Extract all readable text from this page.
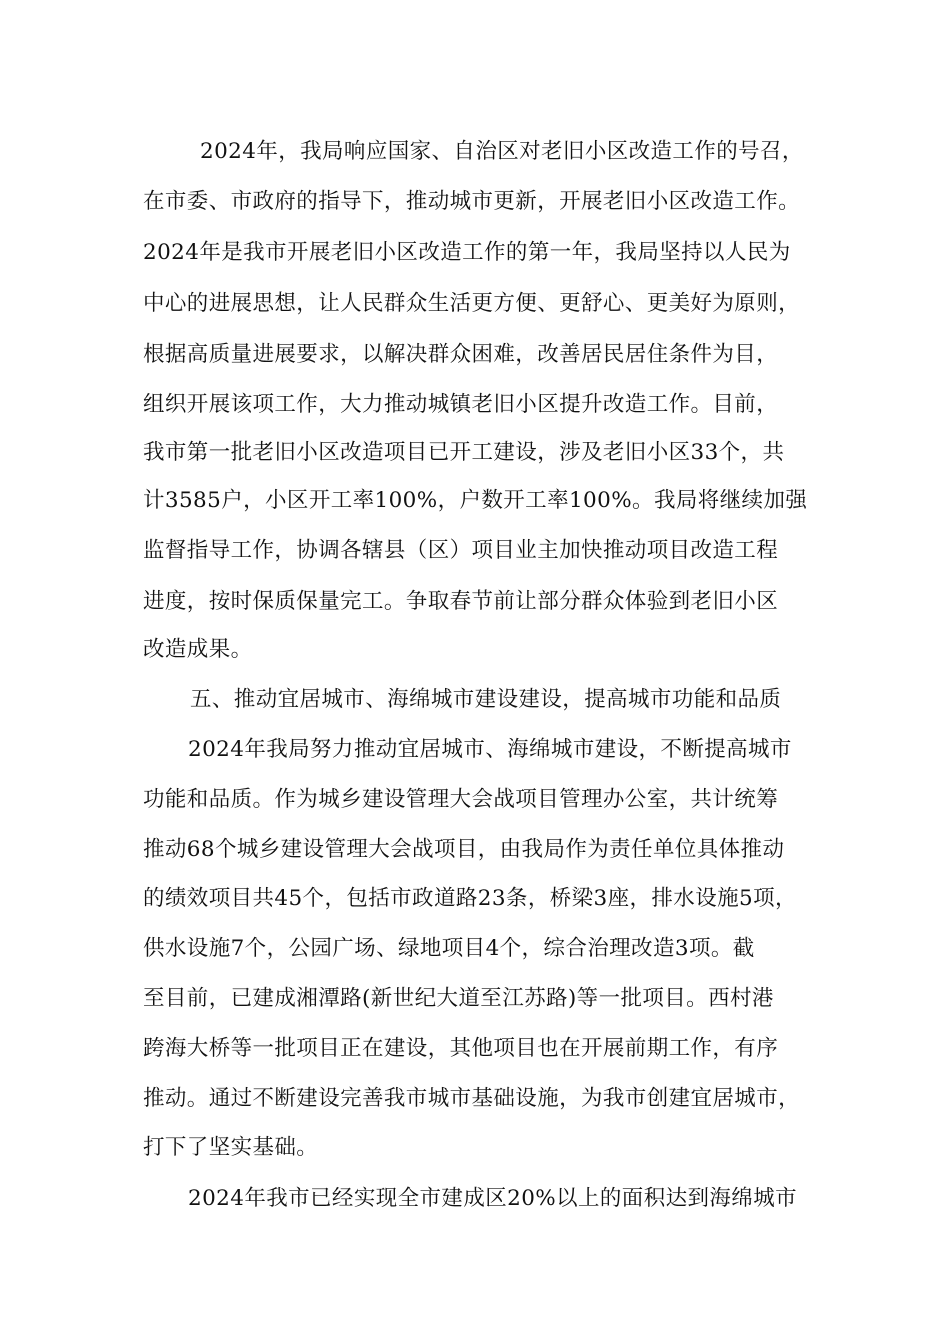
2024年，我局响应国家、自治区对老旧小区改造工作的号召，
在市委、市政府的指导下，推动城市更新，开展老旧小区改造工作。
2024年是我市开展老旧小区改造工作的第一年，我局坚持以人民为
中心的进展思想，让人民群众生活更方便、更舒心、更美好为原则，
根据高质量进展要求，以解决群众困难，改善居民居住条件为目，
组织开展该项工作，大力推动城镇老旧小区提升改造工作。目前，
我市第一批老旧小区改造项目已开工建设，涉及老旧小区33个，共
计3585户，小区开工率100%，户数开工率100%。我局将继续加强
监督指导工作，协调各辖县（区）项目业主加快推动项目改造工程
进度，按时保质保量完工。争取春节前让部分群众体验到老旧小区
改造成果。
五、推动宜居城市、海绵城市建设建设，提高城市功能和品质
2024年我局努力推动宜居城市、海绵城市建设，不断提高城市
功能和品质。作为城乡建设管理大会战项目管理办公室，共计统筹
推动68个城乡建设管理大会战项目，由我局作为责任单位具体推动
的绩效项目共45个，包括市政道路23条，桥梁3座，排水设施5项，
供水设施7个，公园广场、绿地项目4个，综合治理改造3项。截
至目前，已建成湘潭路(新世纪大道至江苏路)等一批项目。西村港
跨海大桥等一批项目正在建设，其他项目也在开展前期工作，有序
推动。通过不断建设完善我市城市基础设施，为我市创建宜居城市，
打下了坚实基础。
2024年我市已经实现全市建成区20%以上的面积达到海绵城市
